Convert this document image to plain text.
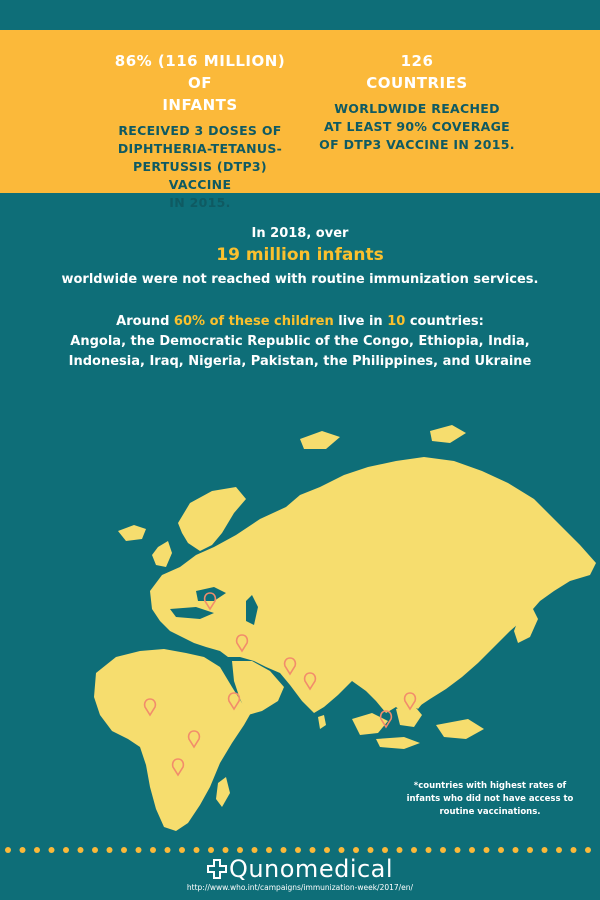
86% (116 MILLION) OF
INFANTS
RECEIVED 3 DOSES OF
DIPHTHERIA-TETANUS-
PERTUSSIS (DTP3) VACCINE
IN 2015.
126
COUNTRIES
WORLDWIDE REACHED
AT LEAST 90% COVERAGE
OF DTP3 VACCINE IN 2015.
In 2018, over
19 million infants
worldwide were not reached with routine immunization services.
Around 60% of these children live in 10 countries:
Angola, the Democratic Republic of the Congo, Ethiopia, India,
Indonesia, Iraq, Nigeria, Pakistan, the Philippines, and Ukraine
*countries with highest rates of
infants who did not have access to
routine vaccinations.
Qunomedical
http://www.who.int/campaigns/immunization-week/2017/en/
